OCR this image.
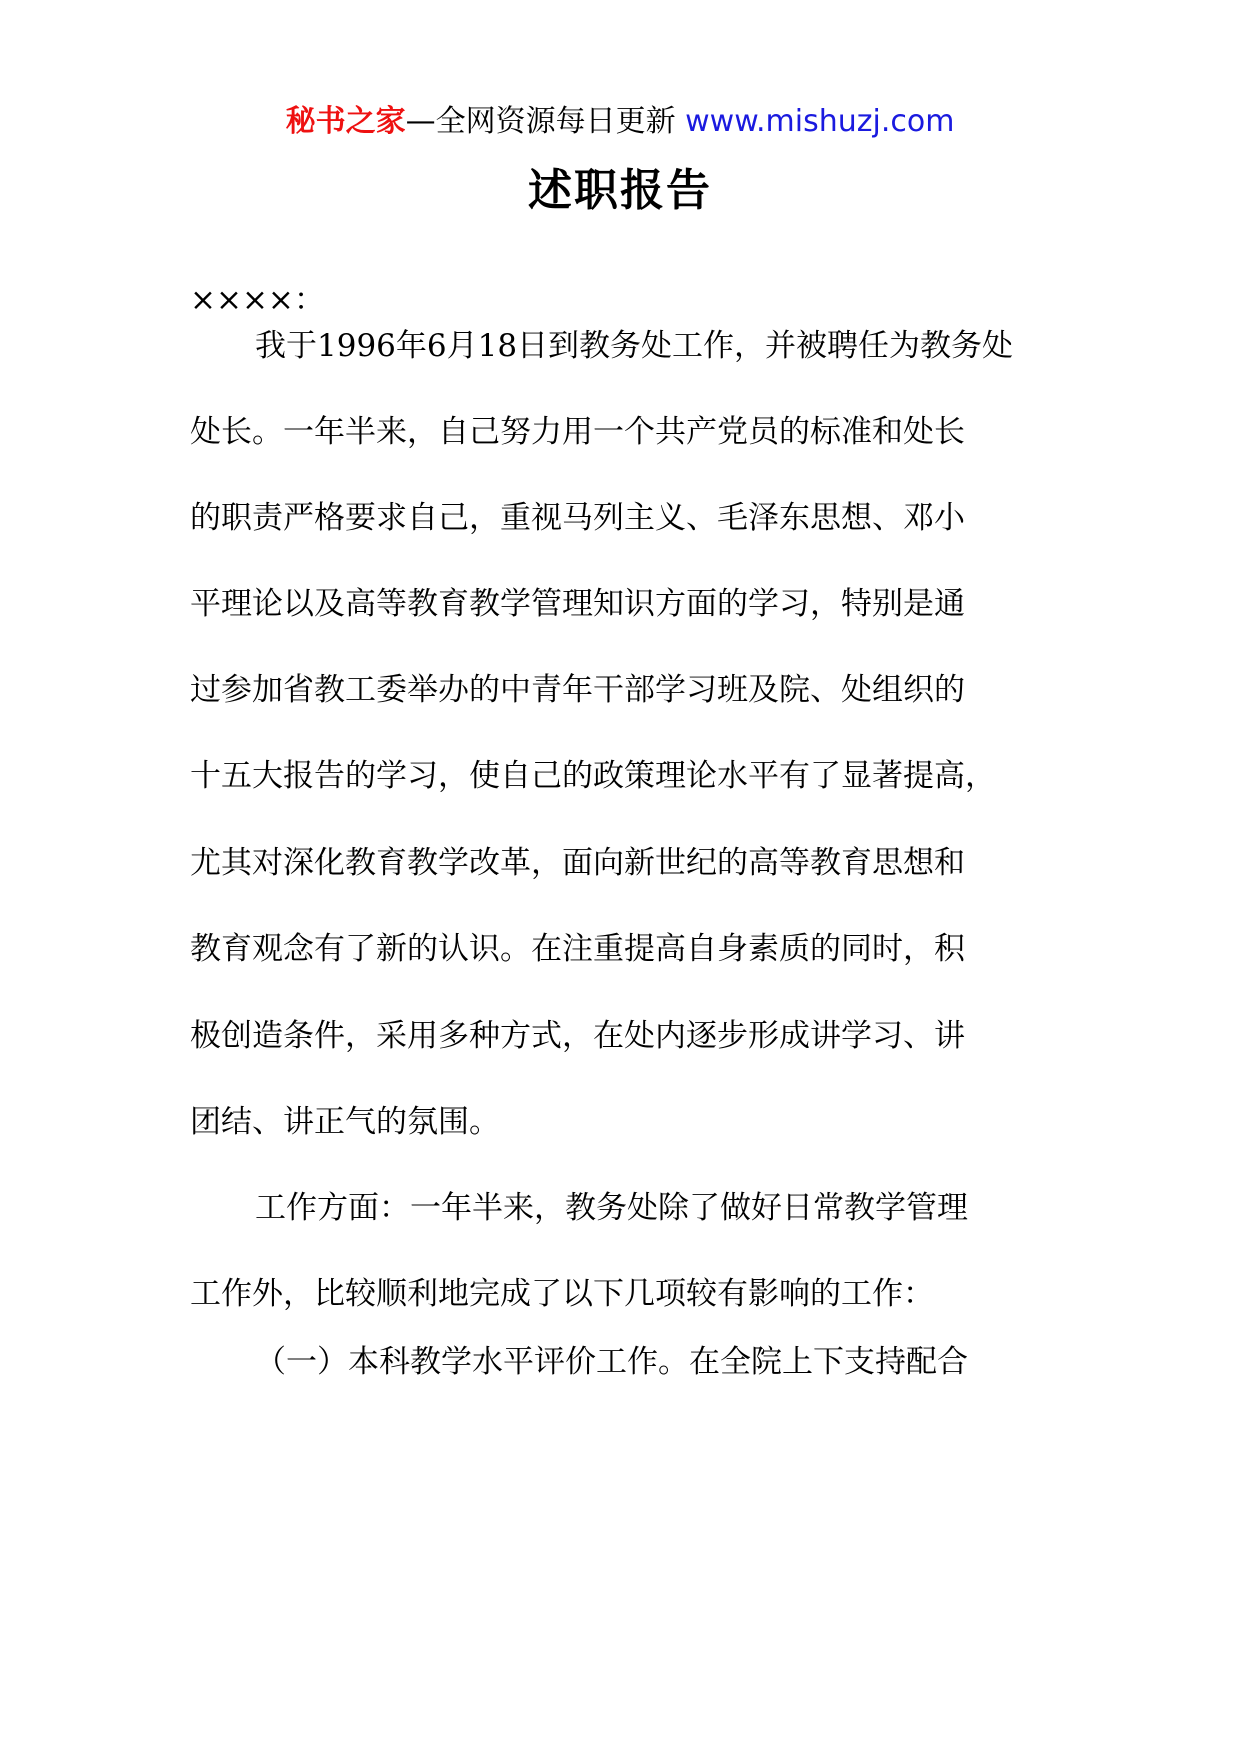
秘书之家—全网资源每日更新 www.mishuzj.com
述职报告
××××：
我于1996年6月18日到教务处工作，并被聘任为教务处
处长。一年半来，自己努力用一个共产党员的标准和处长
的职责严格要求自己，重视马列主义、毛泽东思想、邓小
平理论以及高等教育教学管理知识方面的学习，特别是通
过参加省教工委举办的中青年干部学习班及院、处组织的
十五大报告的学习，使自己的政策理论水平有了显著提高，
尤其对深化教育教学改革，面向新世纪的高等教育思想和
教育观念有了新的认识。在注重提高自身素质的同时，积
极创造条件，采用多种方式，在处内逐步形成讲学习、讲
团结、讲正气的氛围。
工作方面：一年半来，教务处除了做好日常教学管理
工作外，比较顺利地完成了以下几项较有影响的工作：
（一）本科教学水平评价工作。在全院上下支持配合
